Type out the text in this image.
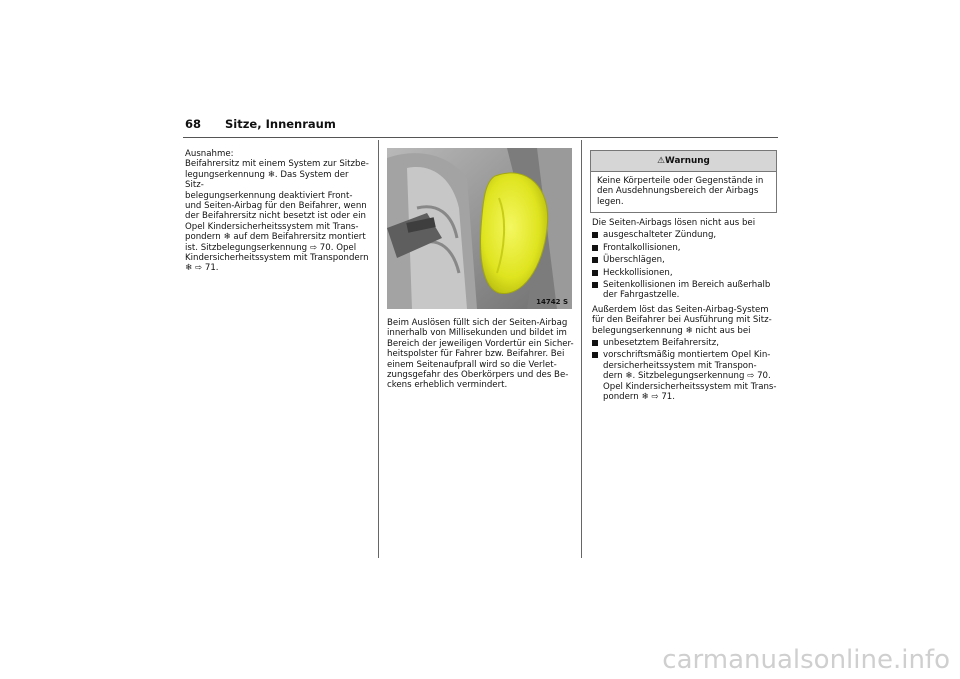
68 Sitze, Innenraum

Ausnahme:

Beifahrersitz mit einem System zur Sitzbe-

legungserkennung ❄. Das System der Sitz-

belegungserkennung deaktiviert Front-

und Seiten-Airbag für den Beifahrer, wenn

der Beifahrersitz nicht besetzt ist oder ein

Opel Kindersicherheitssystem mit Trans-

pondern ❄ auf dem Beifahrersitz montiert

ist. Sitzbelegungserkennung ⇨ 70. Opel

Kindersicherheitssystem mit Transpondern

❄ ⇨ 71.

14742 S

Beim Auslösen füllt sich der Seiten-Airbag

innerhalb von Millisekunden und bildet im

Bereich der jeweiligen Vordertür ein Sicher-

heitspolster für Fahrer bzw. Beifahrer. Bei

einem Seitenaufprall wird so die Verlet-

zungsgefahr des Oberkörpers und des Be-

ckens erheblich vermindert.

⚠Warnung

Keine Körperteile oder Gegenstände in

den Ausdehnungsbereich der Airbags

legen.

Die Seiten-Airbags lösen nicht aus bei

ausgeschalteter Zündung,
Frontalkollisionen,
Überschlägen,
Heckkollisionen,
Seitenkollisionen im Bereich außerhalb
der Fahrgastzelle.

Außerdem löst das Seiten-Airbag-System

für den Beifahrer bei Ausführung mit Sitz-

belegungserkennung ❄ nicht aus bei

unbesetztem Beifahrersitz,
vorschriftsmäßig montiertem Opel Kin-
dersicherheitssystem mit Transpon-
dern ❄. Sitzbelegungserkennung ⇨ 70.
Opel Kindersicherheitssystem mit Trans-
pondern ❄ ⇨ 71.
carmanualsonline.info
